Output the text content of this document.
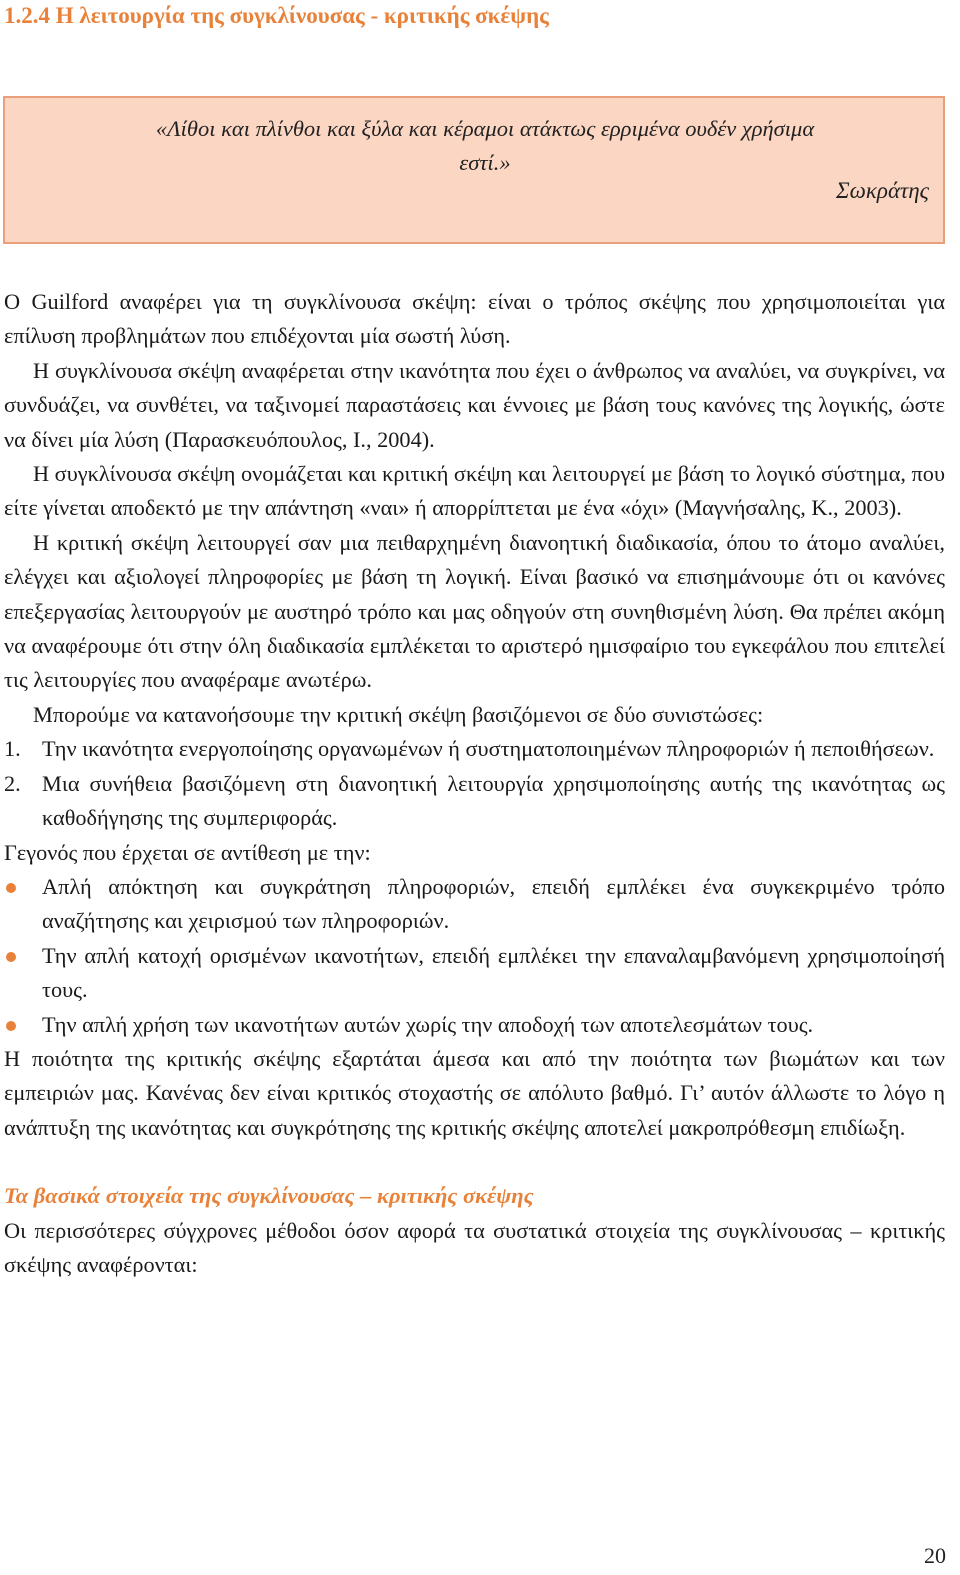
1.2.4 Η λειτουργία της συγκλίνουσας - κριτικής σκέψης
«Λίθοι και πλίνθοι και ξύλα και κέραμοι ατάκτως ερριμένα ουδέν χρήσιμα εστί.»
Σωκράτης

Ο Guilford αναφέρει για τη συγκλίνουσα σκέψη: είναι ο τρόπος σκέψης που χρησιμοποιείται για επίλυση προβλημάτων που επιδέχονται μία σωστή λύση.

Η συγκλίνουσα σκέψη αναφέρεται στην ικανότητα που έχει ο άνθρωπος να αναλύει, να συγκρίνει, να συνδυάζει, να συνθέτει, να ταξινομεί παραστάσεις και έννοιες με βάση τους κανόνες της λογικής, ώστε να δίνει μία λύση (Παρασκευόπουλος, Ι., 2004).

Η συγκλίνουσα σκέψη ονομάζεται και κριτική σκέψη και λειτουργεί με βάση το λογικό σύστημα, που είτε γίνεται αποδεκτό με την απάντηση «ναι» ή απορρίπτεται με ένα «όχι» (Μαγνήσαλης, Κ., 2003).

Η κριτική σκέψη λειτουργεί σαν μια πειθαρχημένη διανοητική διαδικασία, όπου το άτομο αναλύει, ελέγχει και αξιολογεί πληροφορίες με βάση τη λογική. Είναι βασικό να επισημάνουμε ότι οι κανόνες επεξεργασίας λειτουργούν με αυστηρό τρόπο και μας οδηγούν στη συνηθισμένη λύση. Θα πρέπει ακόμη να αναφέρουμε ότι στην όλη διαδικασία εμπλέκεται το αριστερό ημισφαίριο του εγκεφάλου που επιτελεί τις λειτουργίες που αναφέραμε ανωτέρω.

Μπορούμε να κατανοήσουμε την κριτική σκέψη βασιζόμενοι σε δύο συνιστώσες:

1. Την ικανότητα ενεργοποίησης οργανωμένων ή συστηματοποιημένων πληροφοριών ή πεποιθήσεων.
2. Μια συνήθεια βασιζόμενη στη διανοητική λειτουργία χρησιμοποίησης αυτής της ικανότητας ως καθοδήγησης της συμπεριφοράς.

Γεγονός που έρχεται σε αντίθεση με την:

Απλή απόκτηση και συγκράτηση πληροφοριών, επειδή εμπλέκει ένα συγκεκριμένο τρόπο αναζήτησης και χειρισμού των πληροφοριών.
Την απλή κατοχή ορισμένων ικανοτήτων, επειδή εμπλέκει την επαναλαμβανόμενη χρησιμοποίησή τους.
Την απλή χρήση των ικανοτήτων αυτών χωρίς την αποδοχή των αποτελεσμάτων τους.

Η ποιότητα της κριτικής σκέψης εξαρτάται άμεσα και από την ποιότητα των βιωμάτων και των εμπειριών μας. Κανένας δεν είναι κριτικός στοχαστής σε απόλυτο βαθμό. Γι’ αυτόν άλλωστε το λόγο η ανάπτυξη της ικανότητας και συγκρότησης της κριτικής σκέψης αποτελεί μακροπρόθεσμη επιδίωξη.

Τα βασικά στοιχεία της συγκλίνουσας – κριτικής σκέψης

Οι περισσότερες σύγχρονες μέθοδοι όσον αφορά τα συστατικά στοιχεία της συγκλίνουσας – κριτικής σκέψης αναφέρονται:

20
